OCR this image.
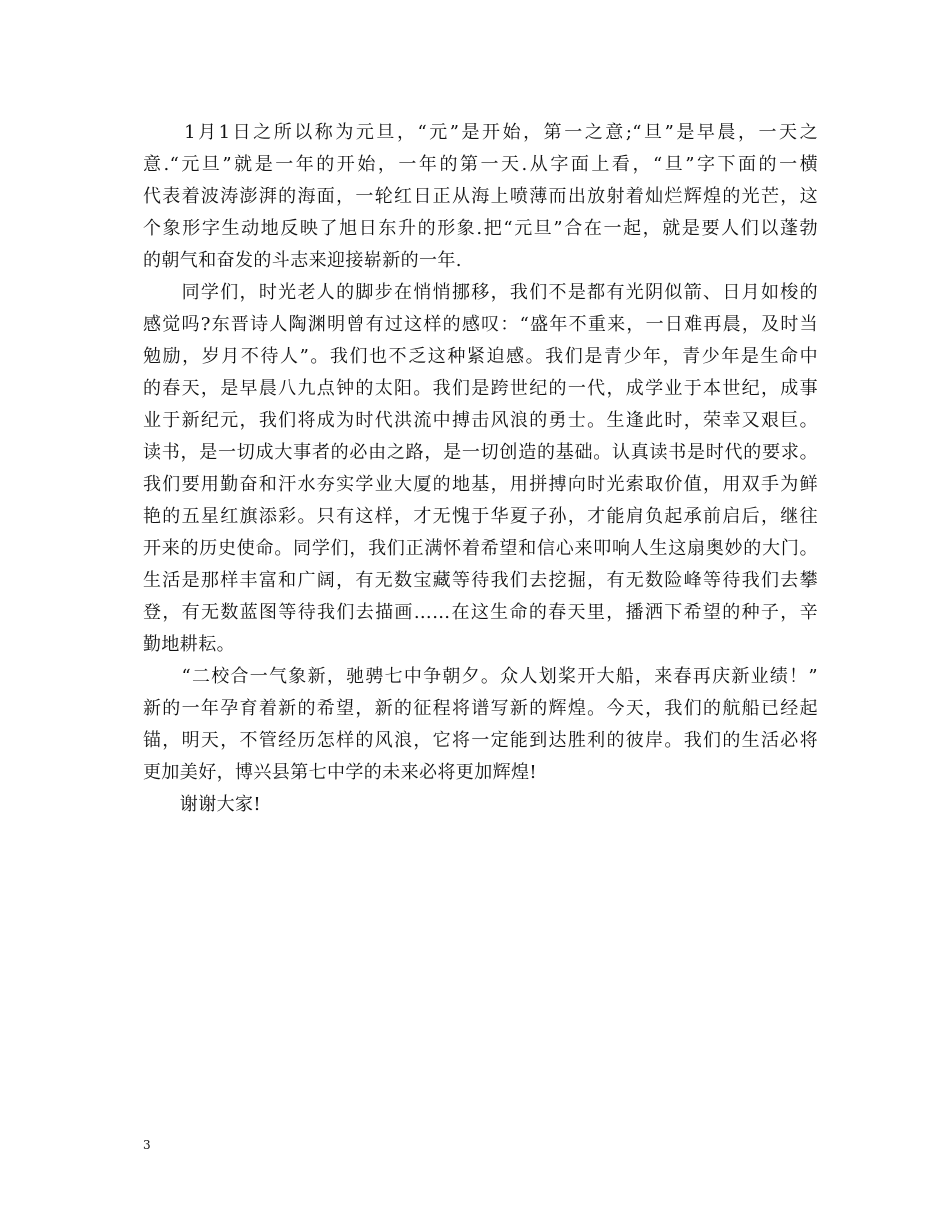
　　1月1日之所以称为元旦，“元”是开始，第一之意;“旦”是早晨，一天之
意.“元旦”就是一年的开始，一年的第一天.从字面上看，“旦”字下面的一横
代表着波涛澎湃的海面，一轮红日正从海上喷薄而出放射着灿烂辉煌的光芒，这
个象形字生动地反映了旭日东升的形象.把“元旦”合在一起，就是要人们以蓬勃
的朝气和奋发的斗志来迎接崭新的一年.
　　同学们，时光老人的脚步在悄悄挪移，我们不是都有光阴似箭、日月如梭的
感觉吗?东晋诗人陶渊明曾有过这样的感叹：“盛年不重来，一日难再晨，及时当
勉励，岁月不待人”。我们也不乏这种紧迫感。我们是青少年，青少年是生命中
的春天，是早晨八九点钟的太阳。我们是跨世纪的一代，成学业于本世纪，成事
业于新纪元，我们将成为时代洪流中搏击风浪的勇士。生逢此时，荣幸又艰巨。
读书，是一切成大事者的必由之路，是一切创造的基础。认真读书是时代的要求。
我们要用勤奋和汗水夯实学业大厦的地基，用拼搏向时光索取价值，用双手为鲜
艳的五星红旗添彩。只有这样，才无愧于华夏子孙，才能肩负起承前启后，继往
开来的历史使命。同学们，我们正满怀着希望和信心来叩响人生这扇奥妙的大门。
生活是那样丰富和广阔，有无数宝藏等待我们去挖掘，有无数险峰等待我们去攀
登，有无数蓝图等待我们去描画……在这生命的春天里，播洒下希望的种子，辛
勤地耕耘。
　　“二校合一气象新，驰骋七中争朝夕。众人划桨开大船，来春再庆新业绩！”
新的一年孕育着新的希望，新的征程将谱写新的辉煌。今天，我们的航船已经起
锚，明天，不管经历怎样的风浪，它将一定能到达胜利的彼岸。我们的生活必将
更加美好，博兴县第七中学的未来必将更加辉煌!
　　谢谢大家!
3
